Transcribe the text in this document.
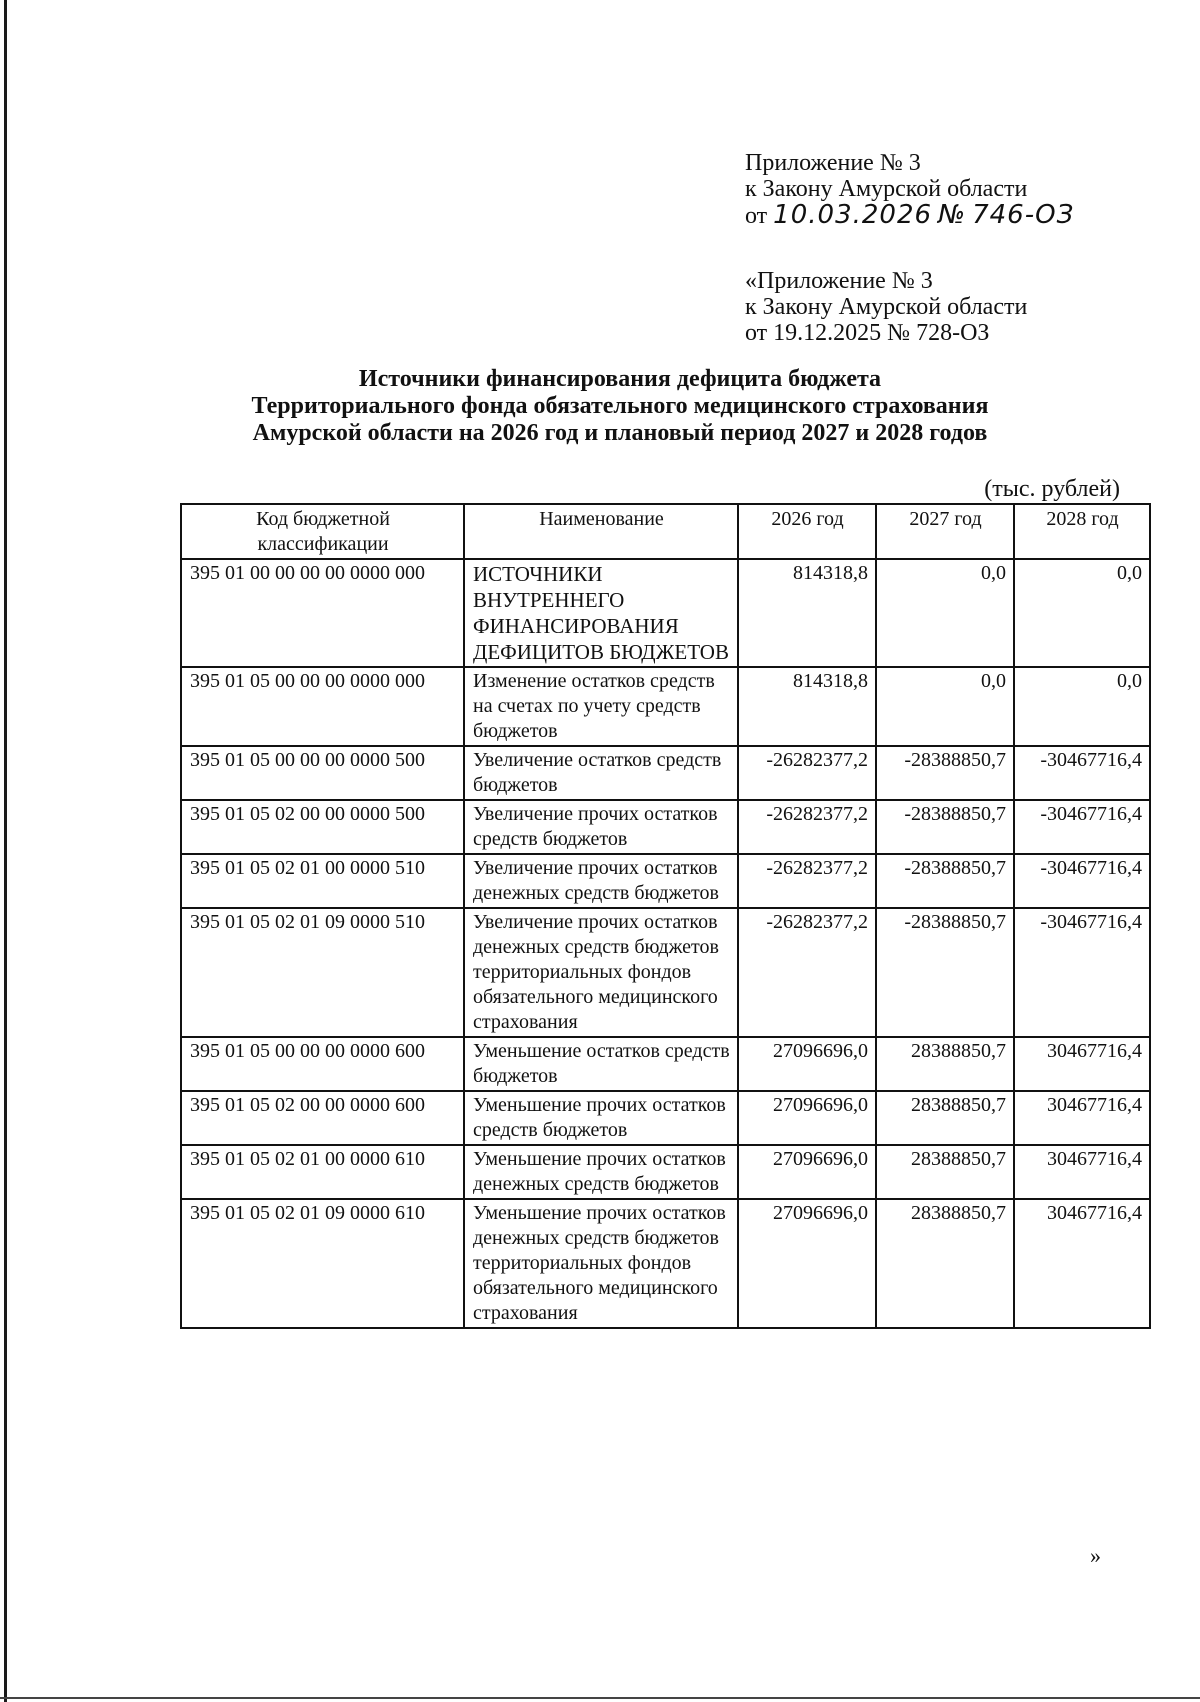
Приложение № 3
к Закону Амурской области
от 10.03.2026 № 746-ОЗ
«Приложение № 3
к Закону Амурской области
от 19.12.2025 № 728-ОЗ
Источники финансирования дефицита бюджета
Территориального фонда обязательного медицинского страхования
Амурской области на 2026 год и плановый период 2027 и 2028 годов
(тыс. рублей)
Код бюджетной классификации	Наименование	2026 год	2027 год	2028 год
395 01 00 00 00 00 0000 000	ИСТОЧНИКИ ВНУТРЕННЕГО ФИНАНСИРОВАНИЯ ДЕФИЦИТОВ БЮДЖЕТОВ	814318,8	0,0	0,0
395 01 05 00 00 00 0000 000	Изменение остатков средств на счетах по учету средств бюджетов	814318,8	0,0	0,0
395 01 05 00 00 00 0000 500	Увеличение остатков средств бюджетов	-26282377,2	-28388850,7	-30467716,4
395 01 05 02 00 00 0000 500	Увеличение прочих остатков средств бюджетов	-26282377,2	-28388850,7	-30467716,4
395 01 05 02 01 00 0000 510	Увеличение прочих остатков денежных средств бюджетов	-26282377,2	-28388850,7	-30467716,4
395 01 05 02 01 09 0000 510	Увеличение прочих остатков денежных средств бюджетов территориальных фондов обязательного медицинского страхования	-26282377,2	-28388850,7	-30467716,4
395 01 05 00 00 00 0000 600	Уменьшение остатков средств бюджетов	27096696,0	28388850,7	30467716,4
395 01 05 02 00 00 0000 600	Уменьшение прочих остатков средств бюджетов	27096696,0	28388850,7	30467716,4
395 01 05 02 01 00 0000 610	Уменьшение прочих остатков денежных средств бюджетов	27096696,0	28388850,7	30467716,4
395 01 05 02 01 09 0000 610	Уменьшение прочих остатков денежных средств бюджетов территориальных фондов обязательного медицинского страхования	27096696,0	28388850,7	30467716,4
»
